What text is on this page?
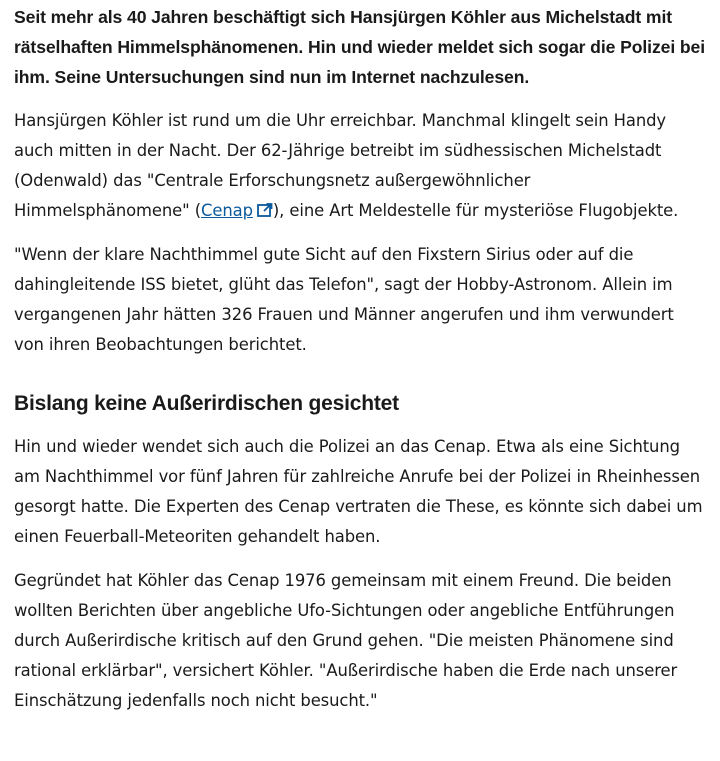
Seit mehr als 40 Jahren beschäftigt sich Hansjürgen Köhler aus Michelstadt mit rätselhaften Himmelsphänomenen. Hin und wieder meldet sich sogar die Polizei bei ihm. Seine Untersuchungen sind nun im Internet nachzulesen.

Hansjürgen Köhler ist rund um die Uhr erreichbar. Manchmal klingelt sein Handy auch mitten in der Nacht. Der 62-Jährige betreibt im südhessischen Michelstadt (Odenwald) das "Centrale Erforschungsnetz außergewöhnlicher Himmelsphänomene" (Cenap ), eine Art Meldestelle für mysteriöse Flugobjekte.

"Wenn der klare Nachthimmel gute Sicht auf den Fixstern Sirius oder auf die dahingleitende ISS bietet, glüht das Telefon", sagt der Hobby-Astronom. Allein im vergangenen Jahr hätten 326 Frauen und Männer angerufen und ihm verwundert von ihren Beobachtungen berichtet.

Bislang keine Außerirdischen gesichtet

Hin und wieder wendet sich auch die Polizei an das Cenap. Etwa als eine Sichtung am Nachthimmel vor fünf Jahren für zahlreiche Anrufe bei der Polizei in Rheinhessen gesorgt hatte. Die Experten des Cenap vertraten die These, es könnte sich dabei um einen Feuerball-Meteoriten gehandelt haben.

Gegründet hat Köhler das Cenap 1976 gemeinsam mit einem Freund. Die beiden wollten Berichten über angebliche Ufo-Sichtungen oder angebliche Entführungen durch Außerirdische kritisch auf den Grund gehen. "Die meisten Phänomene sind rational erklärbar", versichert Köhler. "Außerirdische haben die Erde nach unserer Einschätzung jedenfalls noch nicht besucht."
